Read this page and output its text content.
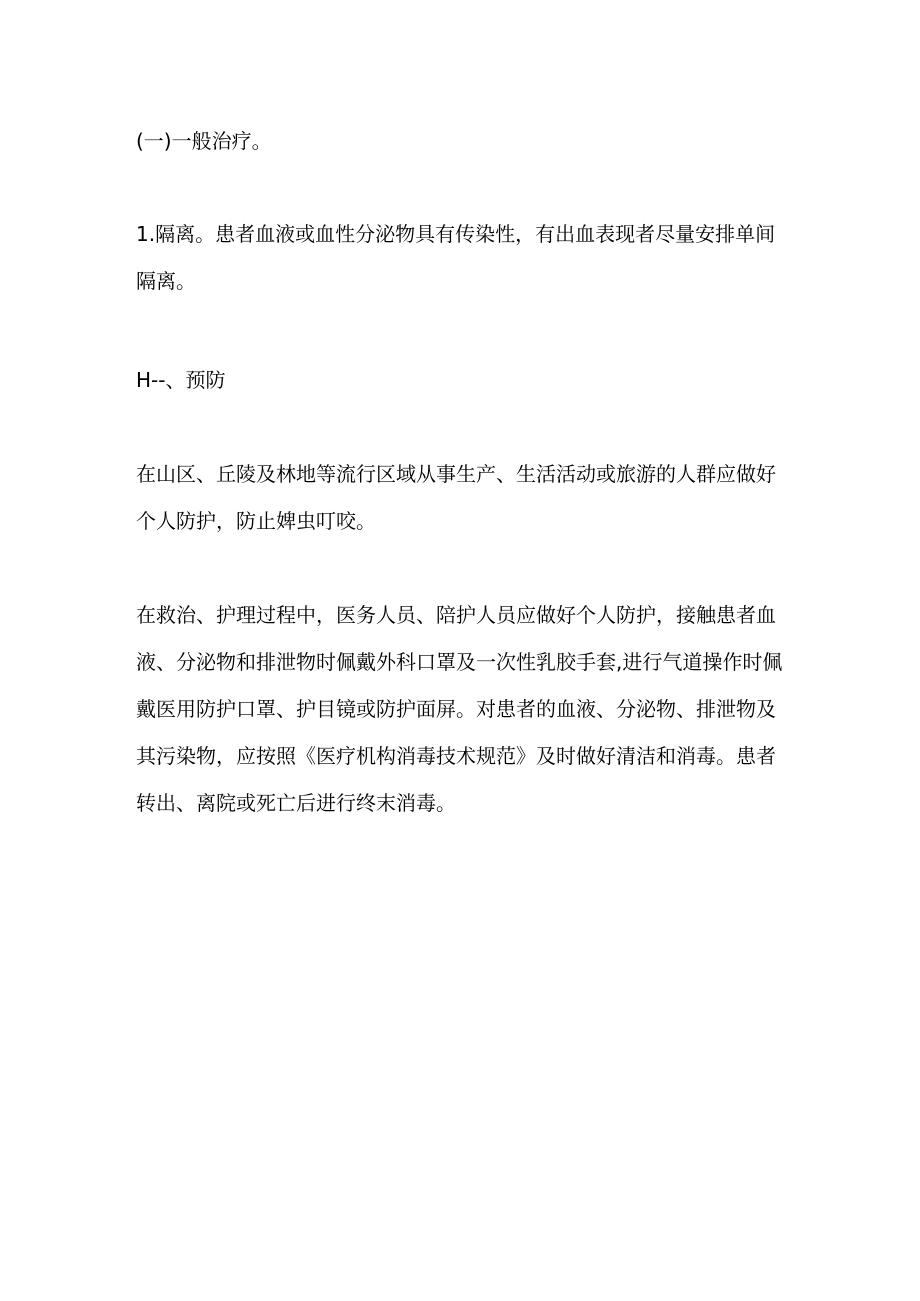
(一)一般治疗。

1.隔离。患者血液或血性分泌物具有传染性，有出血表现者尽量安排单间隔离。

H--、预防

在山区、丘陵及林地等流行区域从事生产、生活活动或旅游的人群应做好个人防护，防止婢虫叮咬。

在救治、护理过程中，医务人员、陪护人员应做好个人防护，接触患者血液、分泌物和排泄物时佩戴外科口罩及一次性乳胶手套,进行气道操作时佩戴医用防护口罩、护目镜或防护面屏。对患者的血液、分泌物、排泄物及其污染物，应按照《医疗机构消毒技术规范》及时做好清洁和消毒。患者转出、离院或死亡后进行终末消毒。
